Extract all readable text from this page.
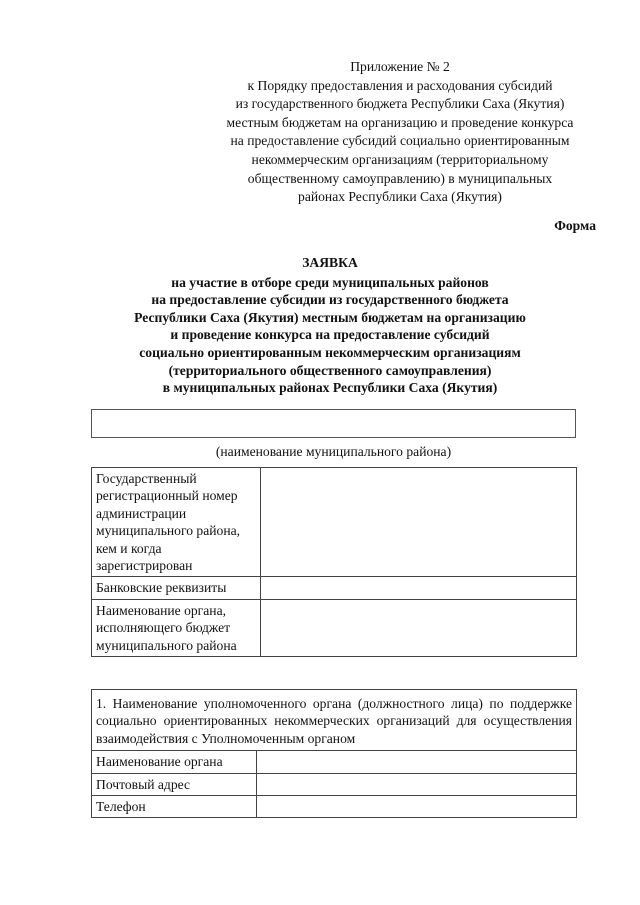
Приложение № 2
к Порядку предоставления и расходования субсидий
из государственного бюджета Республики Саха (Якутия)
местным бюджетам на организацию и проведение конкурса
на предоставление субсидий социально ориентированным
некоммерческим организациям (территориальному
общественному самоуправлению) в муниципальных
районах Республики Саха (Якутия)
Форма
ЗАЯВКА
на участие в отборе среди муниципальных районов
на предоставление субсидии из государственного бюджета
Республики Саха (Якутия) местным бюджетам на организацию
и проведение конкурса на предоставление субсидий
социально ориентированным некоммерческим организациям
(территориального общественного самоуправления)
в муниципальных районах Республики Саха (Якутия)
(наименование муниципального района)
Государственный регистрационный номер администрации муниципального района, кем и когда зарегистрирован	
Банковские реквизиты	
Наименование органа, исполняющего бюджет муниципального района	
1. Наименование уполномоченного органа (должностного лица) по поддержке социально ориентированных некоммерческих организаций для осуществления взаимодействия с Уполномоченным органом	
Наименование органа	
Почтовый адрес	
Телефон	
